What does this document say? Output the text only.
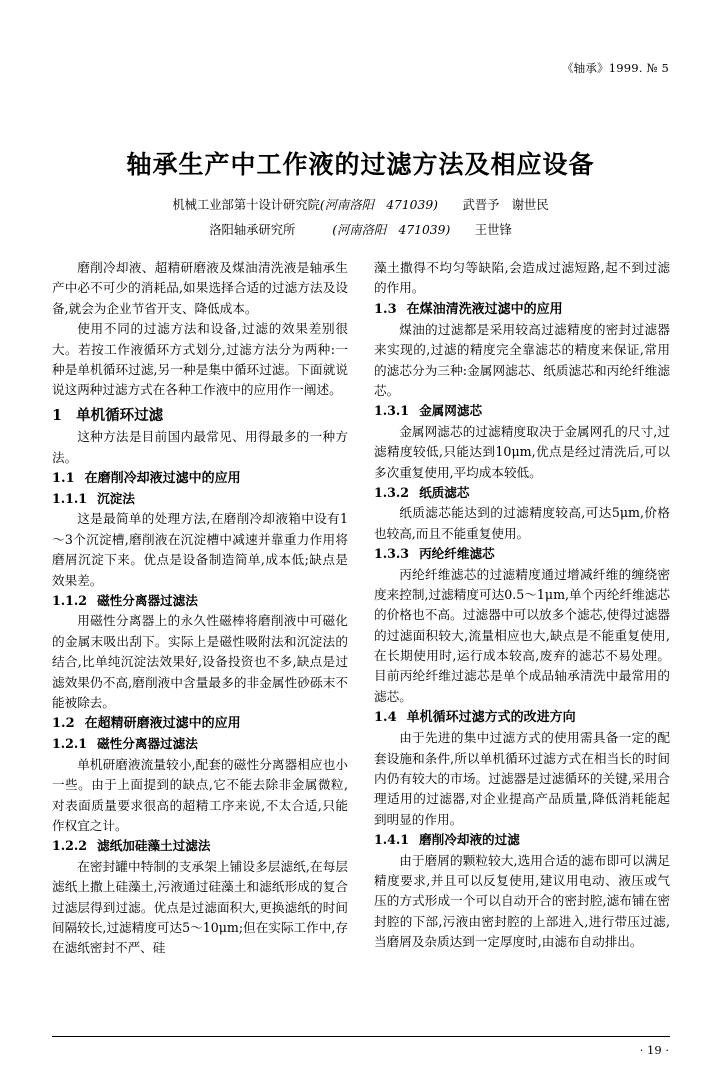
《轴承》1999. № 5
轴承生产中工作液的过滤方法及相应设备
机械工业部第十设计研究院 (河南洛阳　471039)
　　 武晋予　谢世民
洛阳轴承研究所
　　　	(河南洛阳　471039)
　　 王世锋

磨削冷却液、超精研磨液及煤油清洗液是轴承生产中必不可少的消耗品,如果选择合适的过滤方法及设备,就会为企业节省开支、降低成本。

使用不同的过滤方法和设备,过滤的效果差别很大。若按工作液循环方式划分,过滤方法分为两种:一种是单机循环过滤,另一种是集中循环过滤。下面就说说这两种过滤方式在各种工作液中的应用作一阐述。

1 单机循环过滤

这种方法是目前国内最常见、用得最多的一种方法。

1.1 在磨削冷却液过滤中的应用
1.1.1 沉淀法

这是最简单的处理方法,在磨削冷却液箱中设有1～3个沉淀槽,磨削液在沉淀槽中减速并靠重力作用将磨屑沉淀下来。优点是设备制造简单,成本低;缺点是效果差。

1.1.2 磁性分离器过滤法

用磁性分离器上的永久性磁棒将磨削液中可磁化的金属末吸出刮下。实际上是磁性吸附法和沉淀法的结合,比单纯沉淀法效果好,设备投资也不多,缺点是过滤效果仍不高,磨削液中含量最多的非金属性砂砾末不能被除去。

1.2 在超精研磨液过滤中的应用
1.2.1 磁性分离器过滤法

单机研磨液流量较小,配套的磁性分离器相应也小一些。由于上面提到的缺点,它不能去除非金属微粒,对表面质量要求很高的超精工序来说,不太合适,只能作权宜之计。

1.2.2 滤纸加硅藻土过滤法

在密封罐中特制的支承架上铺设多层滤纸,在每层滤纸上撒上硅藻土,污液通过硅藻土和滤纸形成的复合过滤层得到过滤。优点是过滤面积大,更换滤纸的时间间隔较长,过滤精度可达5～10μm;但在实际工作中,存在滤纸密封不严、硅

藻土撒得不均匀等缺陷,会造成过滤短路,起不到过滤的作用。

1.3 在煤油清洗液过滤中的应用

煤油的过滤都是采用较高过滤精度的密封过滤器来实现的,过滤的精度完全靠滤芯的精度来保证,常用的滤芯分为三种:金属网滤芯、纸质滤芯和丙纶纤维滤芯。

1.3.1 金属网滤芯

金属网滤芯的过滤精度取决于金属网孔的尺寸,过滤精度较低,只能达到10μm,优点是经过清洗后,可以多次重复使用,平均成本较低。

1.3.2 纸质滤芯

纸质滤芯能达到的过滤精度较高,可达5μm,价格也较高,而且不能重复使用。

1.3.3 丙纶纤维滤芯

丙纶纤维滤芯的过滤精度通过增减纤维的缠绕密度来控制,过滤精度可达0.5～1μm,单个丙纶纤维滤芯的价格也不高。过滤器中可以放多个滤芯,使得过滤器的过滤面积较大,流量相应也大,缺点是不能重复使用,在长期使用时,运行成本较高,废弃的滤芯不易处理。目前丙纶纤维过滤芯是单个成品轴承清洗中最常用的滤芯。

1.4 单机循环过滤方式的改进方向

由于先进的集中过滤方式的使用需具备一定的配套设施和条件,所以单机循环过滤方式在相当长的时间内仍有较大的市场。过滤器是过滤循环的关键,采用合理适用的过滤器,对企业提高产品质量,降低消耗能起到明显的作用。

1.4.1 磨削冷却液的过滤

由于磨屑的颗粒较大,选用合适的滤布即可以满足精度要求,并且可以反复使用,建议用电动、液压或气压的方式形成一个可以自动开合的密封腔,滤布铺在密封腔的下部,污液由密封腔的上部进入,进行带压过滤,当磨屑及杂质达到一定厚度时,由滤布自动排出。

· 19 ·
